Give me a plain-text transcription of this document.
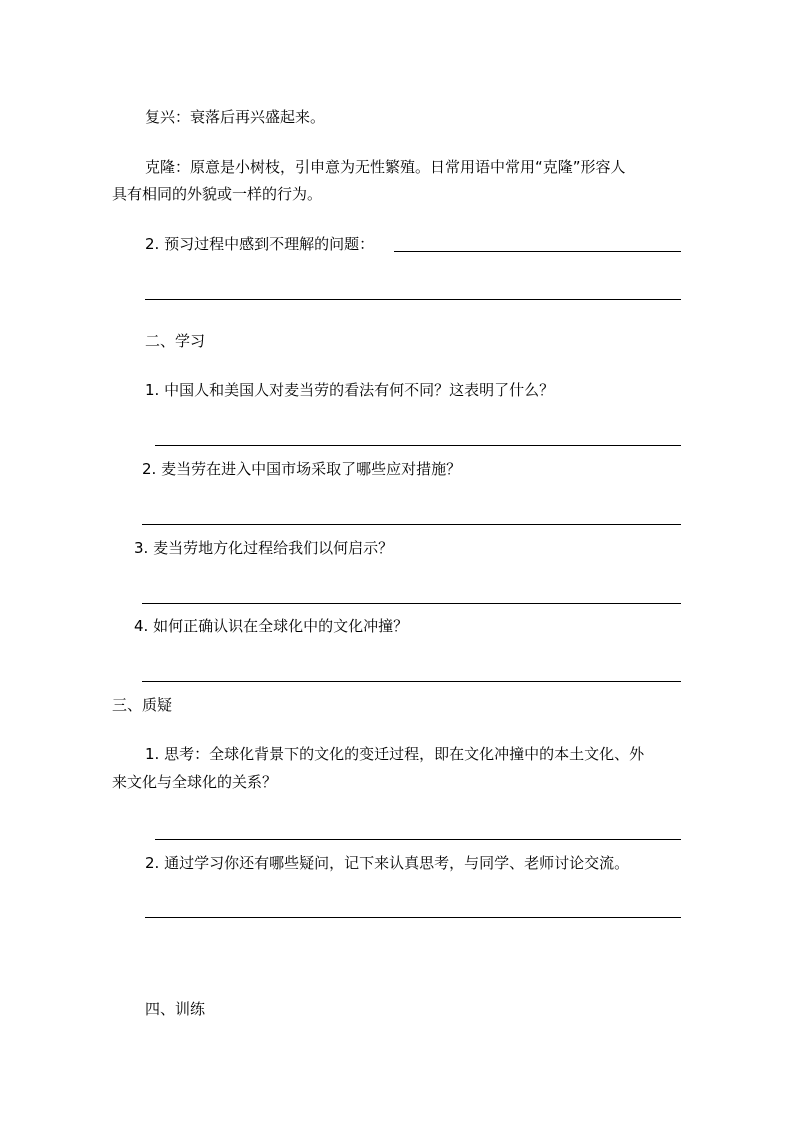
复兴：衰落后再兴盛起来。
克隆：原意是小树枝，引申意为无性繁殖。日常用语中常用“克隆”形容人
具有相同的外貌或一样的行为。
2. 预习过程中感到不理解的问题：
二、学习
1. 中国人和美国人对麦当劳的看法有何不同？这表明了什么？
2. 麦当劳在进入中国市场采取了哪些应对措施？
3. 麦当劳地方化过程给我们以何启示？
4. 如何正确认识在全球化中的文化冲撞？
三、质疑
1. 思考：全球化背景下的文化的变迁过程，即在文化冲撞中的本土文化、外
来文化与全球化的关系？
2. 通过学习你还有哪些疑问，记下来认真思考，与同学、老师讨论交流。
四、训练
